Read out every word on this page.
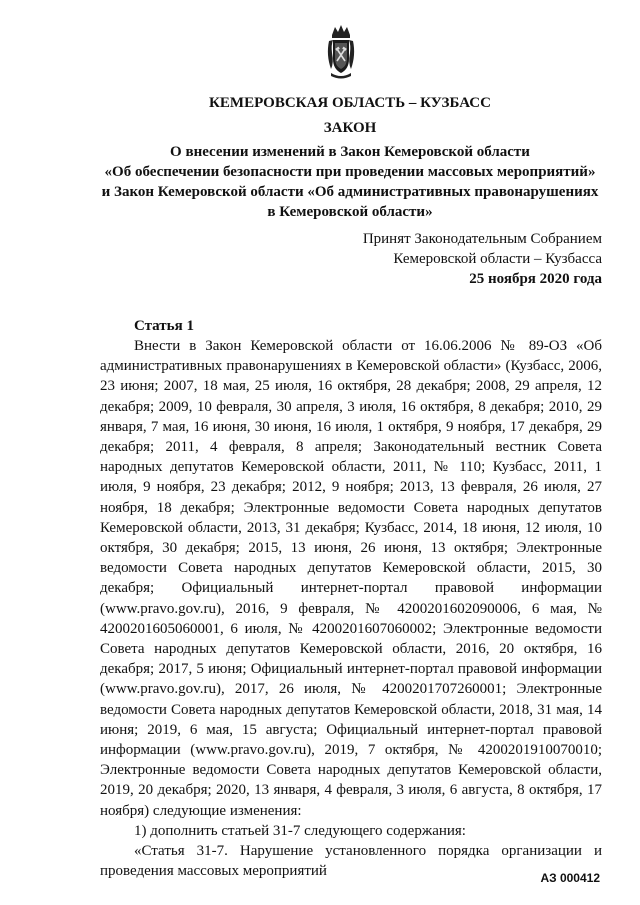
КЕМЕРОВСКАЯ ОБЛАСТЬ – КУЗБАСС

ЗАКОН

О внесении изменений в Закон Кемеровской области
«Об обеспечении безопасности при проведении массовых мероприятий»
и Закон Кемеровской области «Об административных правонарушениях
в Кемеровской области»

Принят Законодательным Собранием
Кемеровской области – Кузбасса
25 ноября 2020 года

Статья 1

Внести в Закон Кемеровской области от 16.06.2006 № 89-ОЗ «Об административных правонарушениях в Кемеровской области» (Кузбасс, 2006, 23 июня; 2007, 18 мая, 25 июля, 16 октября, 28 декабря; 2008, 29 апреля, 12 декабря; 2009, 10 февраля, 30 апреля, 3 июля, 16 октября, 8 декабря; 2010, 29 января, 7 мая, 16 июня, 30 июня, 16 июля, 1 октября, 9 ноября, 17 декабря, 29 декабря; 2011, 4 февраля, 8 апреля; Законодательный вестник Совета народных депутатов Кемеровской области, 2011, № 110; Кузбасс, 2011, 1 июля, 9 ноября, 23 декабря; 2012, 9 ноября; 2013, 13 февраля, 26 июля, 27 ноября, 18 декабря; Электронные ведомости Совета народных депутатов Кемеровской области, 2013, 31 декабря; Кузбасс, 2014, 18 июня, 12 июля, 10 октября, 30 декабря; 2015, 13 июня, 26 июня, 13 октября; Электронные ведомости Совета народных депутатов Кемеровской области, 2015, 30 декабря; Официальный интернет-портал правовой информации (www.pravo.gov.ru), 2016, 9 февраля, № 4200201602090006, 6 мая, № 4200201605060001, 6 июля, № 4200201607060002; Электронные ведомости Совета народных депутатов Кемеровской области, 2016, 20 октября, 16 декабря; 2017, 5 июня; Официальный интернет-портал правовой информации (www.pravo.gov.ru), 2017, 26 июля, № 4200201707260001; Электронные ведомости Совета народных депутатов Кемеровской области, 2018, 31 мая, 14 июня; 2019, 6 мая, 15 августа; Официальный интернет-портал правовой информации (www.pravo.gov.ru), 2019, 7 октября, № 4200201910070010; Электронные ведомости Совета народных депутатов Кемеровской области, 2019, 20 декабря; 2020, 13 января, 4 февраля, 3 июля, 6 августа, 8 октября, 17 ноября) следующие изменения:

1) дополнить статьей 31-7 следующего содержания:

«Статья 31-7. Нарушение установленного порядка организации и проведения массовых мероприятий	АЗ 000412
